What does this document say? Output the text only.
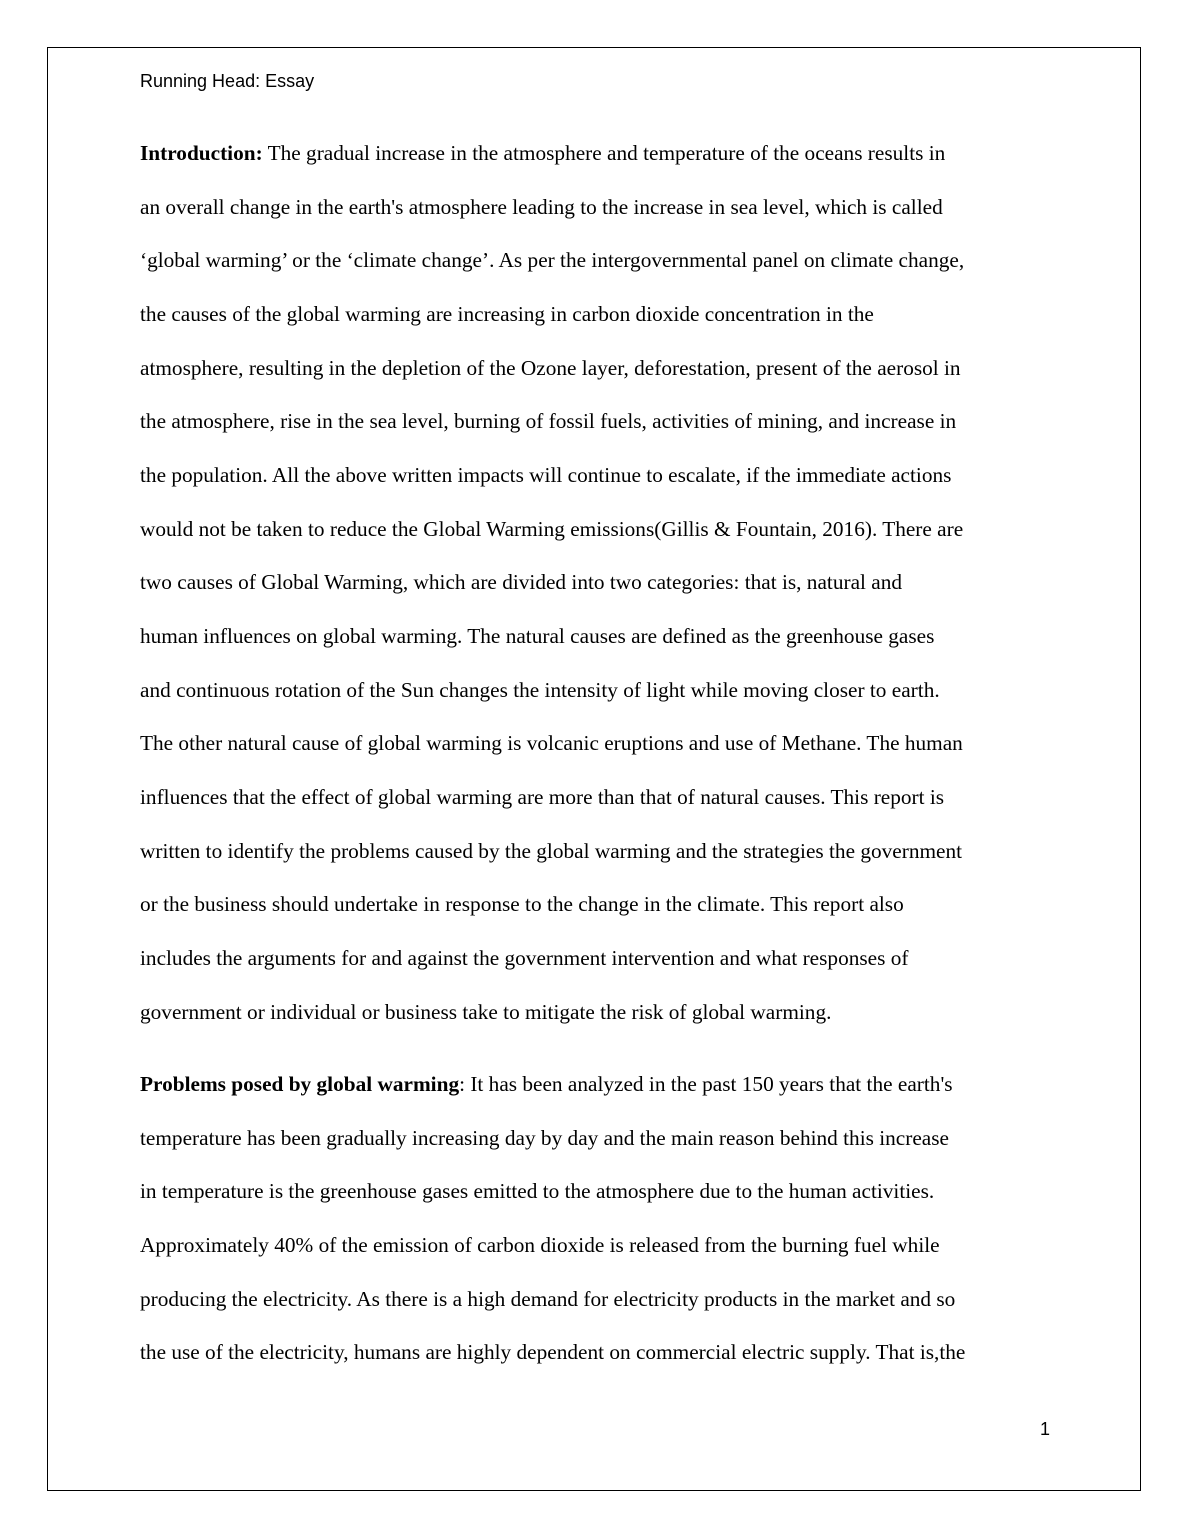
Running Head: Essay
Introduction: The gradual increase in the atmosphere and temperature of the oceans results in
an overall change in the earth's atmosphere leading to the increase in sea level, which is called
‘global warming’ or the ‘climate change’. As per the intergovernmental panel on climate change,
the causes of the global warming are increasing in carbon dioxide concentration in the
atmosphere, resulting in the depletion of the Ozone layer, deforestation, present of the aerosol in
the atmosphere, rise in the sea level, burning of fossil fuels, activities of mining, and increase in
the population. All the above written impacts will continue to escalate, if the immediate actions
would not be taken to reduce the Global Warming emissions(Gillis & Fountain, 2016). There are
two causes of Global Warming, which are divided into two categories: that is, natural and
human influences on global warming. The natural causes are defined as the greenhouse gases
and continuous rotation of the Sun changes the intensity of light while moving closer to earth.
The other natural cause of global warming is volcanic eruptions and use of Methane. The human
influences that the effect of global warming are more than that of natural causes. This report is
written to identify the problems caused by the global warming and the strategies the government
or the business should undertake in response to the change in the climate. This report also
includes the arguments for and against the government intervention and what responses of
government or individual or business take to mitigate the risk of global warming.
Problems posed by global warming: It has been analyzed in the past 150 years that the earth's
temperature has been gradually increasing day by day and the main reason behind this increase
in temperature is the greenhouse gases emitted to the atmosphere due to the human activities.
Approximately 40% of the emission of carbon dioxide is released from the burning fuel while
producing the electricity. As there is a high demand for electricity products in the market and so
the use of the electricity, humans are highly dependent on commercial electric supply. That is,the
1
